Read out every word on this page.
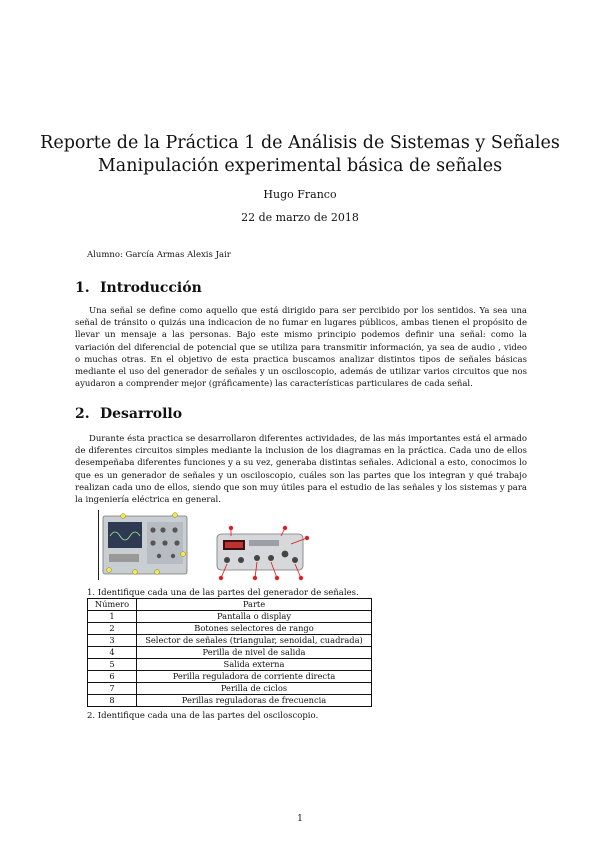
Reporte de la Práctica 1 de Análisis de Sistemas y Señales
Manipulación experimental básica de señales
Hugo Franco
22 de marzo de 2018
Alumno: García Armas Alexis Jair
1. Introducción

Una señal se define como aquello que está dirigido para ser percibido por los sentidos. Ya sea una señal de tránsito o quizás una indicacion de no fumar en lugares públicos, ambas tienen el propósito de llevar un mensaje a las personas. Bajo este mismo principio podemos definir una señal: como la variación del diferencial de potencial que se utiliza para transmitir información, ya sea de audio , video o muchas otras. En el objetivo de esta practica buscamos analizar distintos tipos de señales básicas mediante el uso del generador de señales y un osciloscopio, además de utilizar varios circuitos que nos ayudaron a comprender mejor (gráficamente) las características particulares de cada señal.

2. Desarrollo

Durante ésta practica se desarrollaron diferentes actividades, de las más importantes está el armado de diferentes circuitos simples mediante la inclusion de los diagramas en la práctica. Cada uno de ellos desempeñaba diferentes funciones y a su vez, generaba distintas señales. Adicional a esto, conocimos lo que es un generador de señales y un osciloscopio, cuáles son las partes que los integran y qué trabajo realizan cada uno de ellos, siendo que son muy útiles para el estudio de las señales y los sistemas y para la ingeniería eléctrica en general.

1. Identifique cada una de las partes del generador de señales.
Número	Parte
1	Pantalla o display
2	Botones selectores de rango
3	Selector de señales (triangular, senoidal, cuadrada)
4	Perilla de nivel de salida
5	Salida externa
6	Perilla reguladora de corriente directa
7	Perilla de ciclos
8	Perillas reguladoras de frecuencia
2. Identifique cada una de las partes del osciloscopio.
1
